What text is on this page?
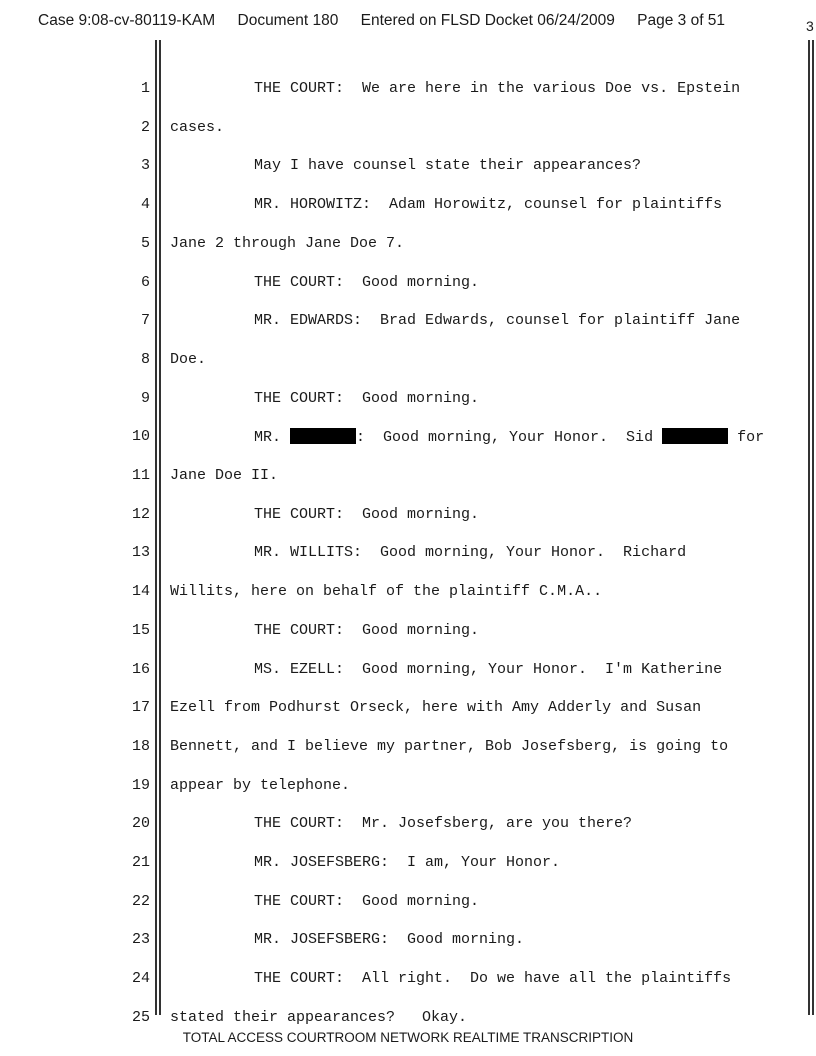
Case 9:08-cv-80119-KAM Document 180 Entered on FLSD Docket 06/24/2009 Page 3 of 51	3
1	THE COURT:  We are here in the various Doe vs. Epstein
2 cases.
3	May I have counsel state their appearances?
4	MR. HOROWITZ:  Adam Horowitz, counsel for plaintiffs
5 Jane 2 through Jane Doe 7.
6	THE COURT:  Good morning.
7	MR. EDWARDS:  Brad Edwards, counsel for plaintiff Jane
8 Doe.
9	THE COURT:  Good morning.
10	MR.	:  Good morning, Your Honor.  Sid	for
11 Jane Doe II.
12	THE COURT:  Good morning.
13	MR. WILLITS:  Good morning, Your Honor.  Richard
14 Willits, here on behalf of the plaintiff C.M.A..
15	THE COURT:  Good morning.
16	MS. EZELL:  Good morning, Your Honor.  I'm Katherine
17 Ezell from Podhurst Orseck, here with Amy Adderly and Susan
18 Bennett, and I believe my partner, Bob Josefsberg, is going to
19 appear by telephone.
20	THE COURT:  Mr. Josefsberg, are you there?
21	MR. JOSEFSBERG:  I am, Your Honor.
22	THE COURT:  Good morning.
23	MR. JOSEFSBERG:  Good morning.
24	THE COURT:  All right.  Do we have all the plaintiffs
25 stated their appearances?   Okay.
TOTAL ACCESS COURTROOM NETWORK REALTIME TRANSCRIPTION
